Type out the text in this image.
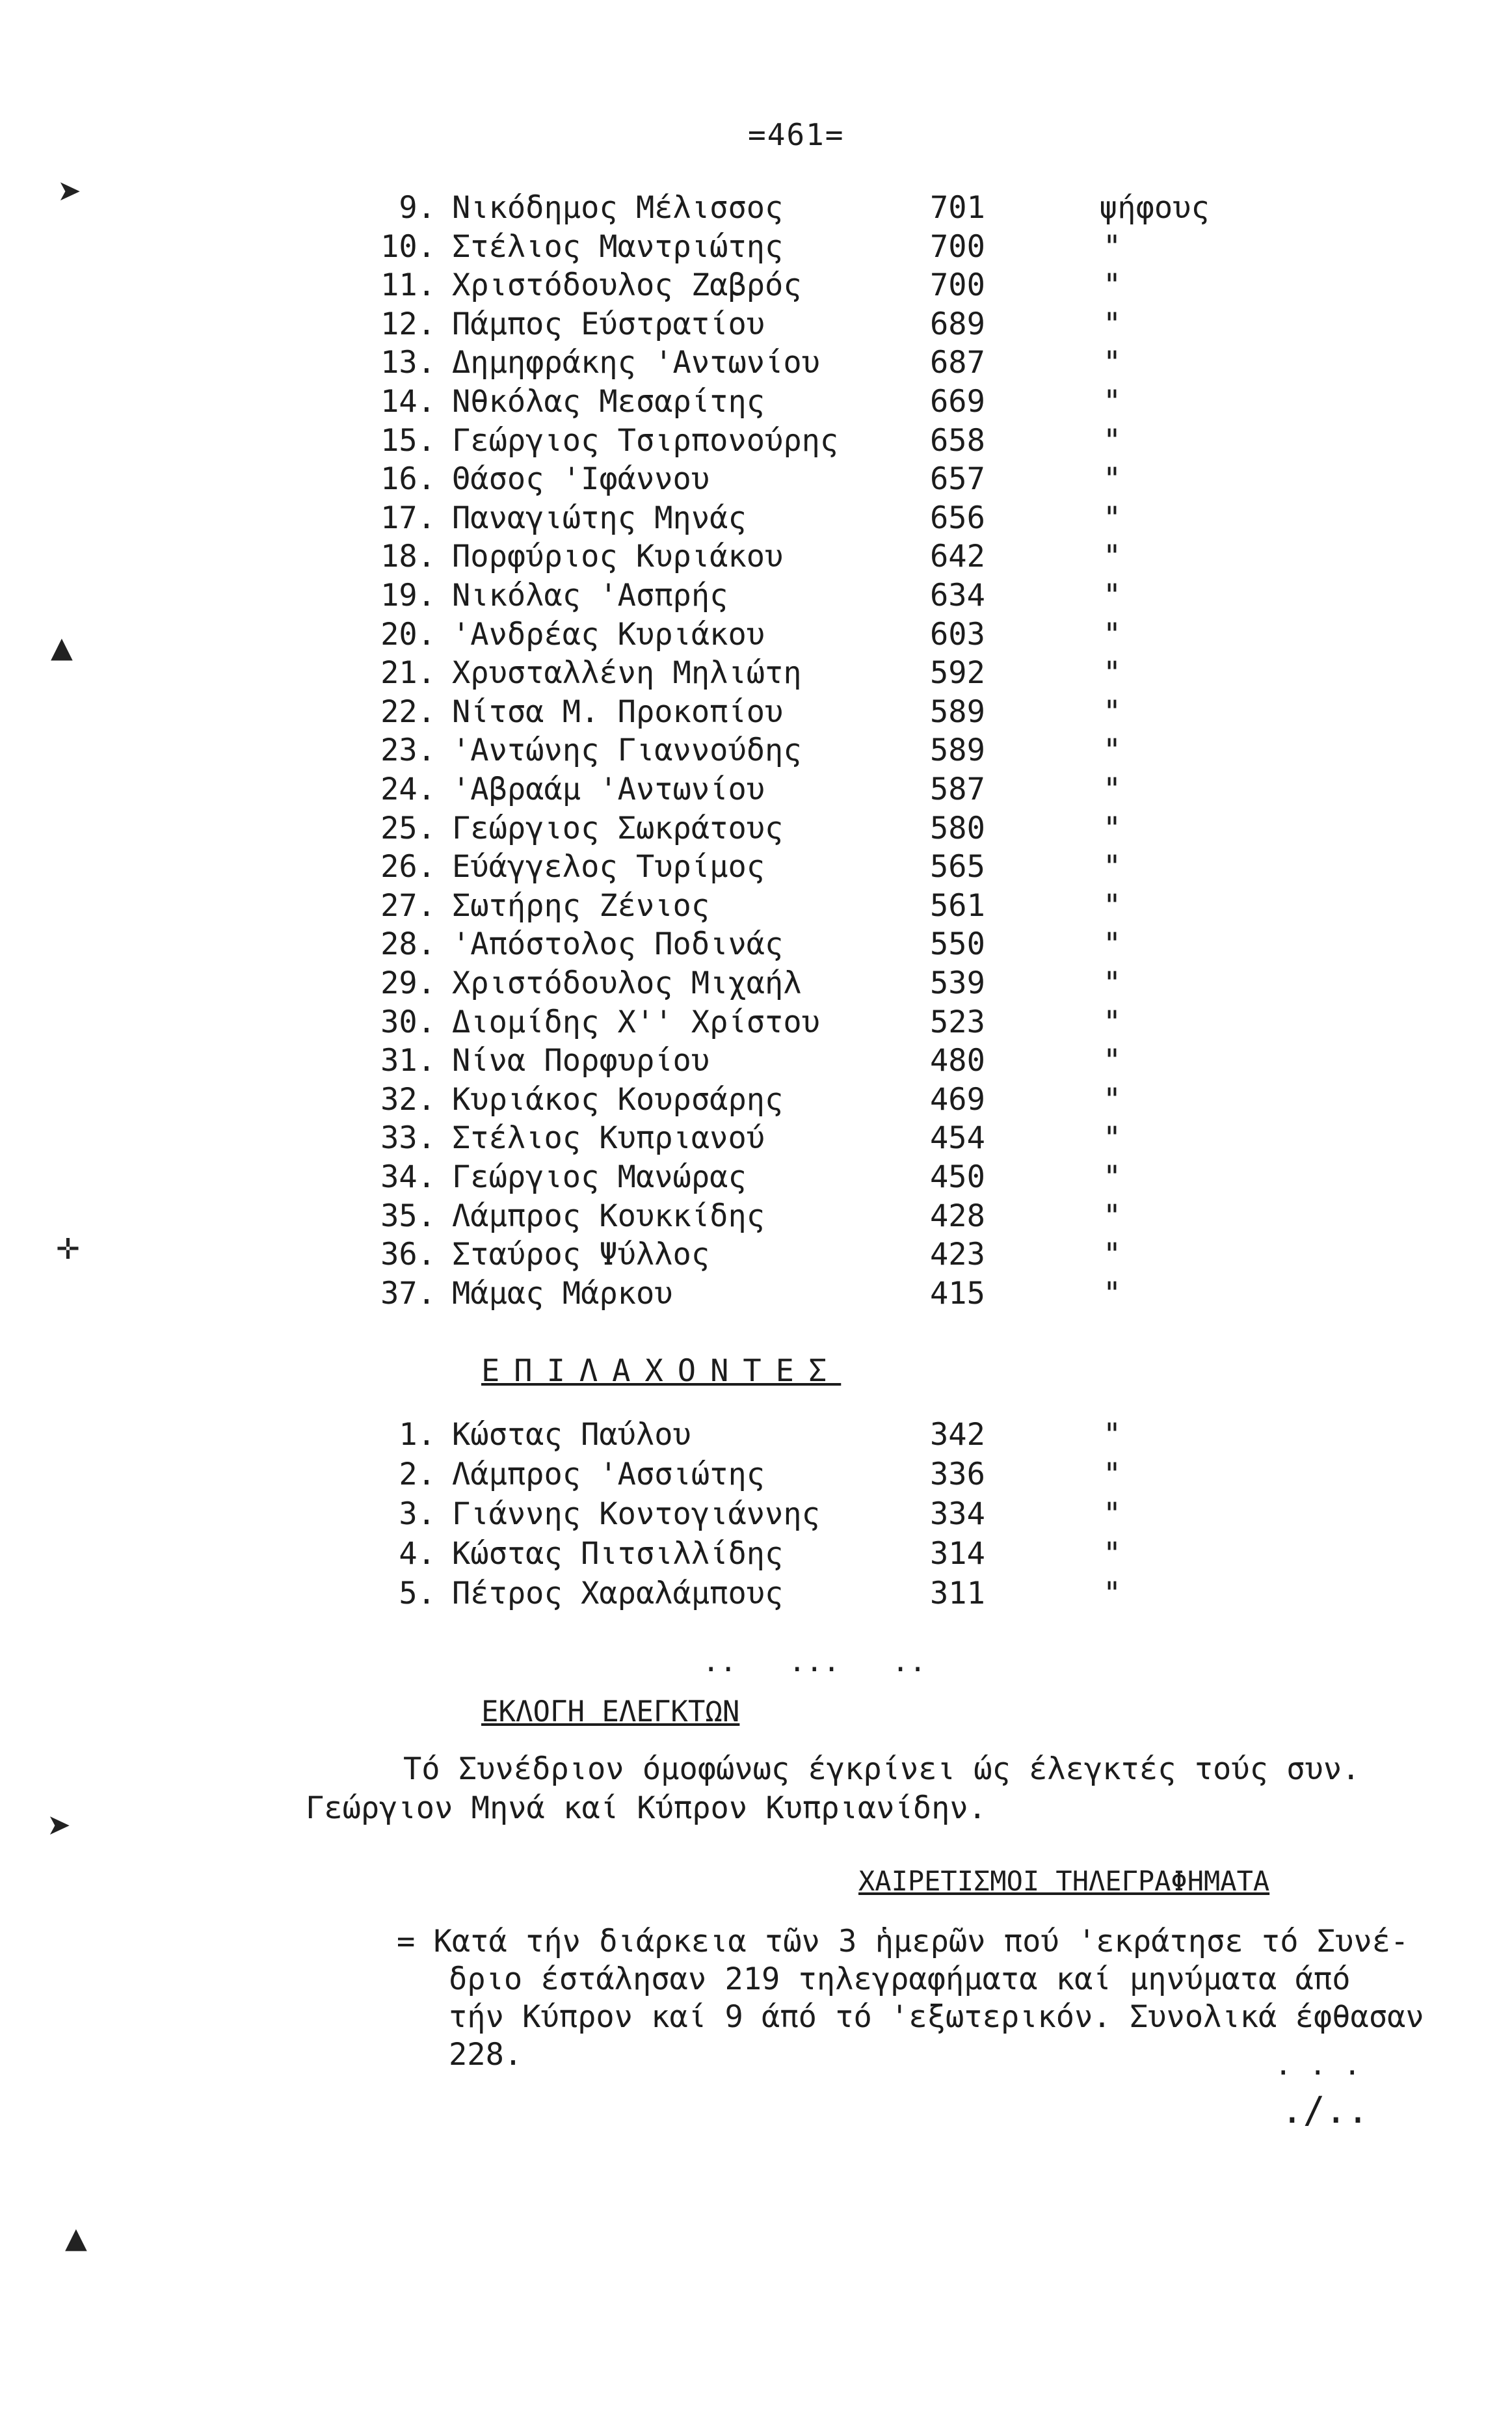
=461=
➤
▲
✛
➤
▲
9. Νικόδημος Μέλισσος	701	ψήφους
10. Στέλιος Μαντριώτης	700	"
11. Χριστόδουλος Ζαβρός	700	"
12. Πάμπος Εύστρατίου	689	"
13. Δημηφράκης 'Αντωνίου	687	"
14. Νθκόλας Μεσαρίτης	669	"
15. Γεώργιος Τσιρπονούρης	658	"
16. Θάσος 'Ιφάννου	657	"
17. Παναγιώτης Μηνάς	656	"
18. Πορφύριος Κυριάκου	642	"
19. Νικόλας 'Ασπρής	634	"
20. 'Ανδρέας Κυριάκου	603	"
21. Χρυσταλλένη Μηλιώτη	592	"
22. Νίτσα Μ. Προκοπίου	589	"
23. 'Αντώνης Γιαννούδης	589	"
24. 'Αβραάμ 'Αντωνίου	587	"
25. Γεώργιος Σωκράτους	580	"
26. Εύάγγελος Τυρίμος	565	"
27. Σωτήρης Ζένιος	561	"
28. 'Απόστολος Ποδινάς	550	"
29. Χριστόδουλος Μιχαήλ	539	"
30. Διομίδης Χ'' Χρίστου	523	"
31. Νίνα Πορφυρίου	480	"
32. Κυριάκος Κουρσάρης	469	"
33. Στέλιος Κυπριανού	454	"
34. Γεώργιος Μανώρας	450	"
35. Λάμπρος Κουκκίδης	428	"
36. Σταύρος Ψύλλος	423	"
37. Μάμας Μάρκου	415	"
ΕΠΙΛΑΧΟΝΤΕΣ
1. Κώστας Παύλου	342	"
2. Λάμπρος 'Ασσιώτης	336	"
3. Γιάννης Κοντογιάννης	334	"
4. Κώστας Πιτσιλλίδης	314	"
5. Πέτρος Χαραλάμπους	311	"
..   ...   ..
ΕΚΛΟΓΗ ΕΛΕΓΚΤΩΝ
Τό Συνέδριον όμοφώνως έγκρίνει ώς έλεγκτές τούς συν.
Γεώργιον Μηνά καί Κύπρον Κυπριανίδην.
ΧΑΙΡΕΤΙΣΜΟΙ ΤΗΛΕΓΡΑΦΗΜΑΤΑ
= Κατά τήν διάρκεια τῶν 3 ἡμερῶν πού 'εκράτησε τό Συνέ-
δριο έστάλησαν 219 τηλεγραφήματα καί μηνύματα άπό
τήν Κύπρον καί 9 άπό τό 'εξωτερικόν. Συνολικά έφθασαν
228.	. . .
./..
